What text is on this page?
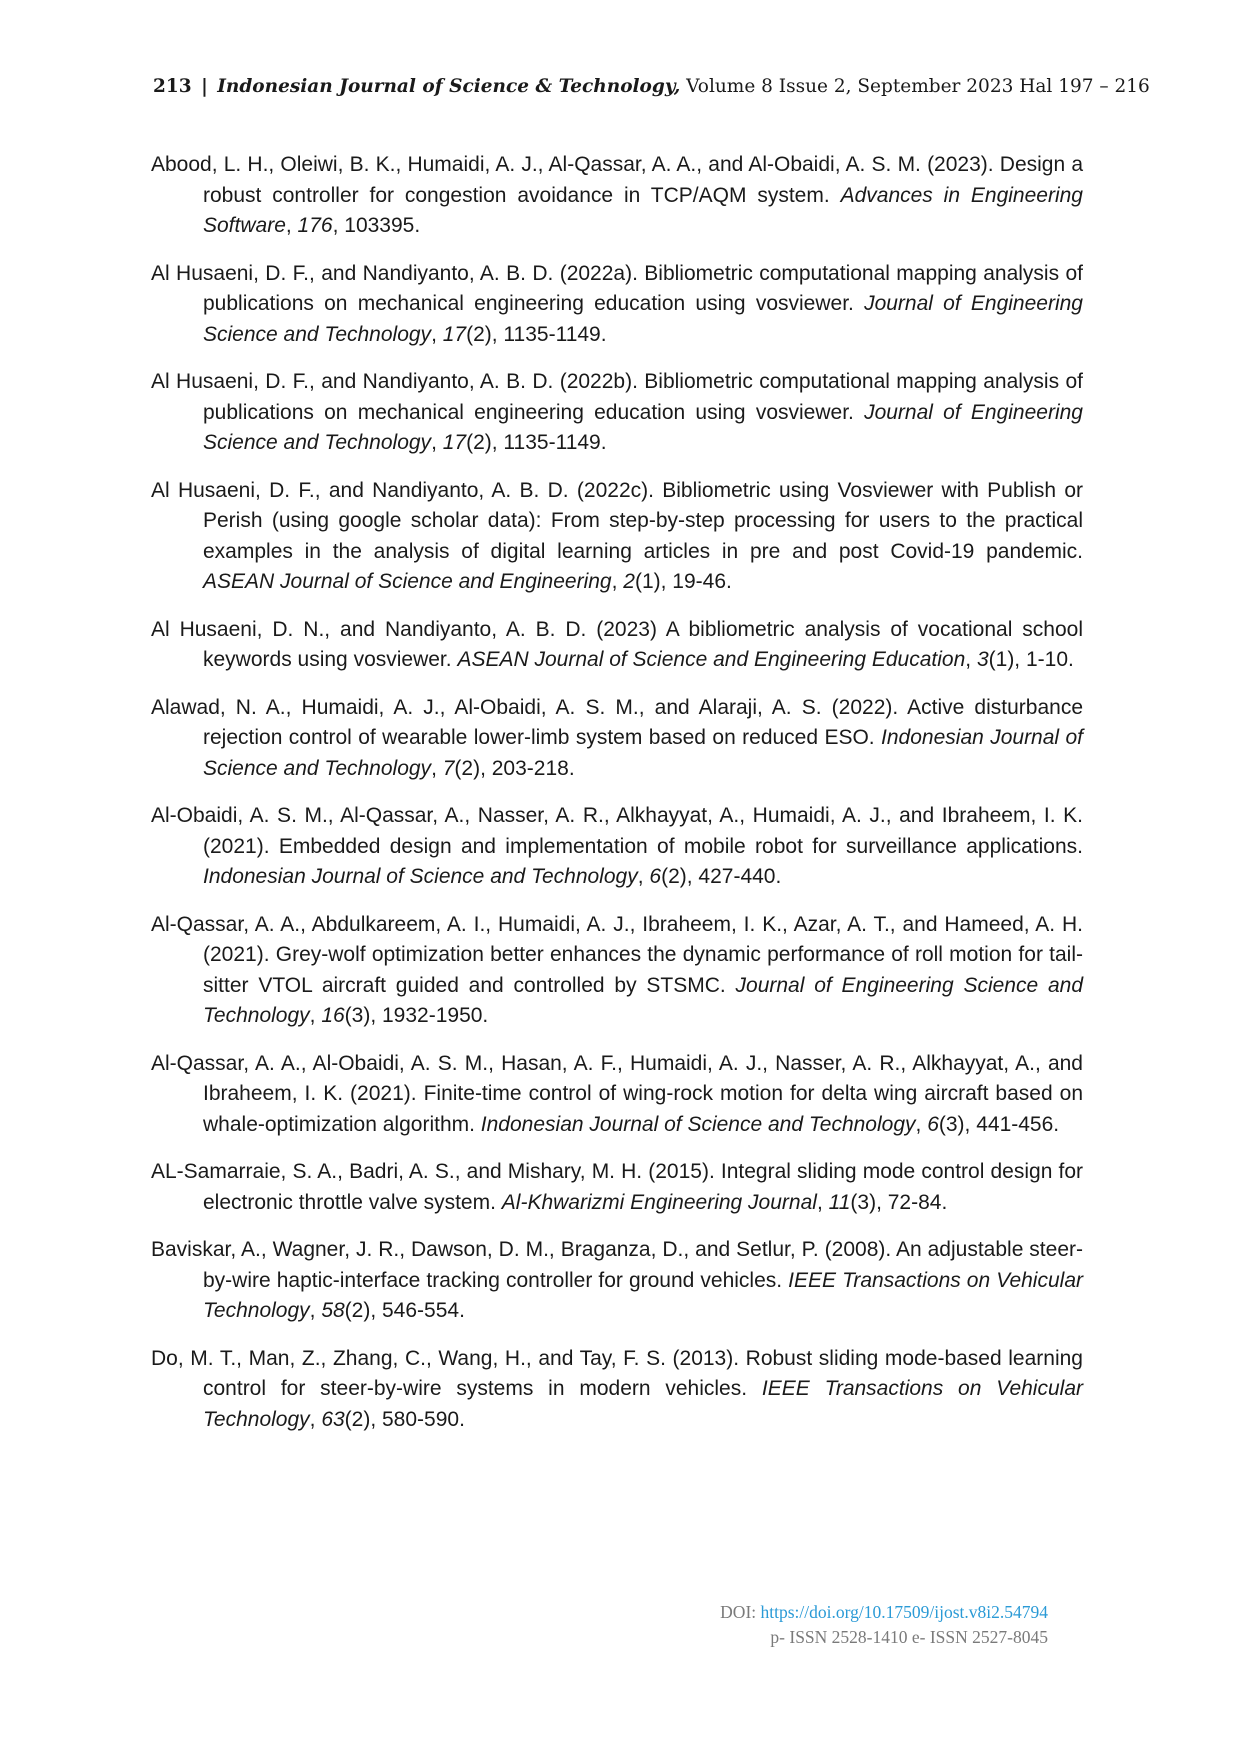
213 | Indonesian Journal of Science & Technology, Volume 8 Issue 2, September 2023 Hal 197 – 216

Abood, L. H., Oleiwi, B. K., Humaidi, A. J., Al-Qassar, A. A., and Al-Obaidi, A. S. M. (2023). Design a robust controller for congestion avoidance in TCP/AQM system. Advances in Engineering Software, 176, 103395.

Al Husaeni, D. F., and Nandiyanto, A. B. D. (2022a). Bibliometric computational mapping analysis of publications on mechanical engineering education using vosviewer. Journal of Engineering Science and Technology, 17(2), 1135-1149.

Al Husaeni, D. F., and Nandiyanto, A. B. D. (2022b). Bibliometric computational mapping analysis of publications on mechanical engineering education using vosviewer. Journal of Engineering Science and Technology, 17(2), 1135-1149.

Al Husaeni, D. F., and Nandiyanto, A. B. D. (2022c). Bibliometric using Vosviewer with Publish or Perish (using google scholar data): From step-by-step processing for users to the practical examples in the analysis of digital learning articles in pre and post Covid-19 pandemic. ASEAN Journal of Science and Engineering, 2(1), 19-46.

Al Husaeni, D. N., and Nandiyanto, A. B. D. (2023) A bibliometric analysis of vocational school keywords using vosviewer. ASEAN Journal of Science and Engineering Education, 3(1), 1-10.

Alawad, N. A., Humaidi, A. J., Al-Obaidi, A. S. M., and Alaraji, A. S. (2022). Active disturbance rejection control of wearable lower-limb system based on reduced ESO. Indonesian Journal of Science and Technology, 7(2), 203-218.

Al-Obaidi, A. S. M., Al-Qassar, A., Nasser, A. R., Alkhayyat, A., Humaidi, A. J., and Ibraheem, I. K. (2021). Embedded design and implementation of mobile robot for surveillance applications. Indonesian Journal of Science and Technology, 6(2), 427-440.

Al-Qassar, A. A., Abdulkareem, A. I., Humaidi, A. J., Ibraheem, I. K., Azar, A. T., and Hameed, A. H. (2021). Grey-wolf optimization better enhances the dynamic performance of roll motion for tail-sitter VTOL aircraft guided and controlled by STSMC. Journal of Engineering Science and Technology, 16(3), 1932-1950.

Al-Qassar, A. A., Al-Obaidi, A. S. M., Hasan, A. F., Humaidi, A. J., Nasser, A. R., Alkhayyat, A., and Ibraheem, I. K. (2021). Finite-time control of wing-rock motion for delta wing aircraft based on whale-optimization algorithm. Indonesian Journal of Science and Technology, 6(3), 441-456.

AL-Samarraie, S. A., Badri, A. S., and Mishary, M. H. (2015). Integral sliding mode control design for electronic throttle valve system. Al-Khwarizmi Engineering Journal, 11(3), 72-84.

Baviskar, A., Wagner, J. R., Dawson, D. M., Braganza, D., and Setlur, P. (2008). An adjustable steer-by-wire haptic-interface tracking controller for ground vehicles. IEEE Transactions on Vehicular Technology, 58(2), 546-554.

Do, M. T., Man, Z., Zhang, C., Wang, H., and Tay, F. S. (2013). Robust sliding mode-based learning control for steer-by-wire systems in modern vehicles. IEEE Transactions on Vehicular Technology, 63(2), 580-590.

DOI: https://doi.org/10.17509/ijost.v8i2.54794
p- ISSN 2528-1410 e- ISSN 2527-8045
